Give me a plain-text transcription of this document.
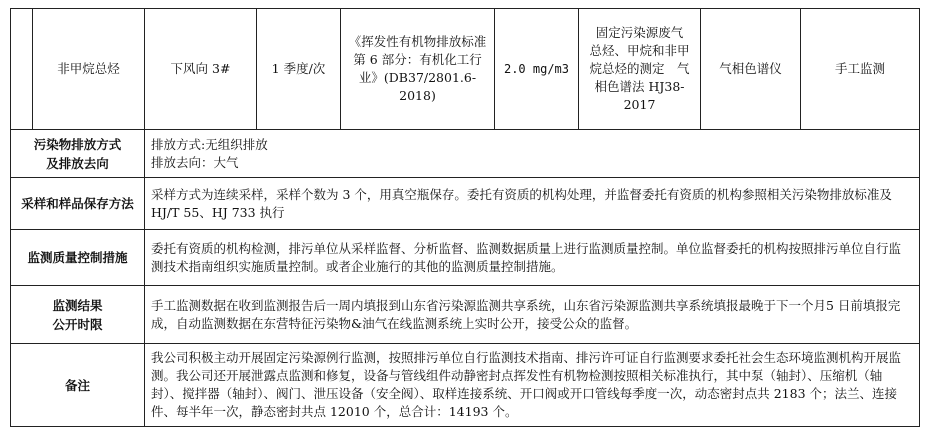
	非甲烷总烃	下风向 3#	1 季度/次	《挥发性有机物排放标准第 6 部分：有机化工行业》(DB37/2801.6-2018)	2.0 mg/m3	固定污染源废气　总烃、甲烷和非甲烷总烃的测定　气相色谱法 HJ38-2017	气相色谱仪	手工监测

污染物排放方式
及排放去向		排放方式:无组织排放
排放去向：大气						

采样和样品保存方法		采样方式为连续采样，采样个数为 3 个，用真空瓶保存。委托有资质的机构处理，并监督委托有资质的机构参照相关污染物排放标准及 HJ/T 55、HJ 733 执行						
监测质量控制措施		委托有资质的机构检测，排污单位从采样监督、分析监督、监测数据质量上进行监测质量控制。单位监督委托的机构按照排污单位自行监测技术指南组织实施质量控制。或者企业施行的其他的监测质量控制措施。						

监测结果
公开时限		手工监测数据在收到监测报告后一周内填报到山东省污染源监测共享系统，山东省污染源监测共享系统填报最晚于下一个月5 日前填报完成，自动监测数据在东营特征污染物&油气在线监测系统上实时公开，接受公众的监督。						
备注		我公司积极主动开展固定污染源例行监测，按照排污单位自行监测技术指南、排污许可证自行监测要求委托社会生态环境监测机构开展监测。我公司还开展泄露点监测和修复，设备与管线组件动静密封点挥发性有机物检测按照相关标准执行，其中泵（轴封）、压缩机（轴封）、搅拌器（轴封）、阀门、泄压设备（安全阀）、取样连接系统、开口阀或开口管线每季度一次，动态密封点共 2183 个；法兰、连接件、每半年一次，静态密封共点 12010 个，总合计：14193 个。						
